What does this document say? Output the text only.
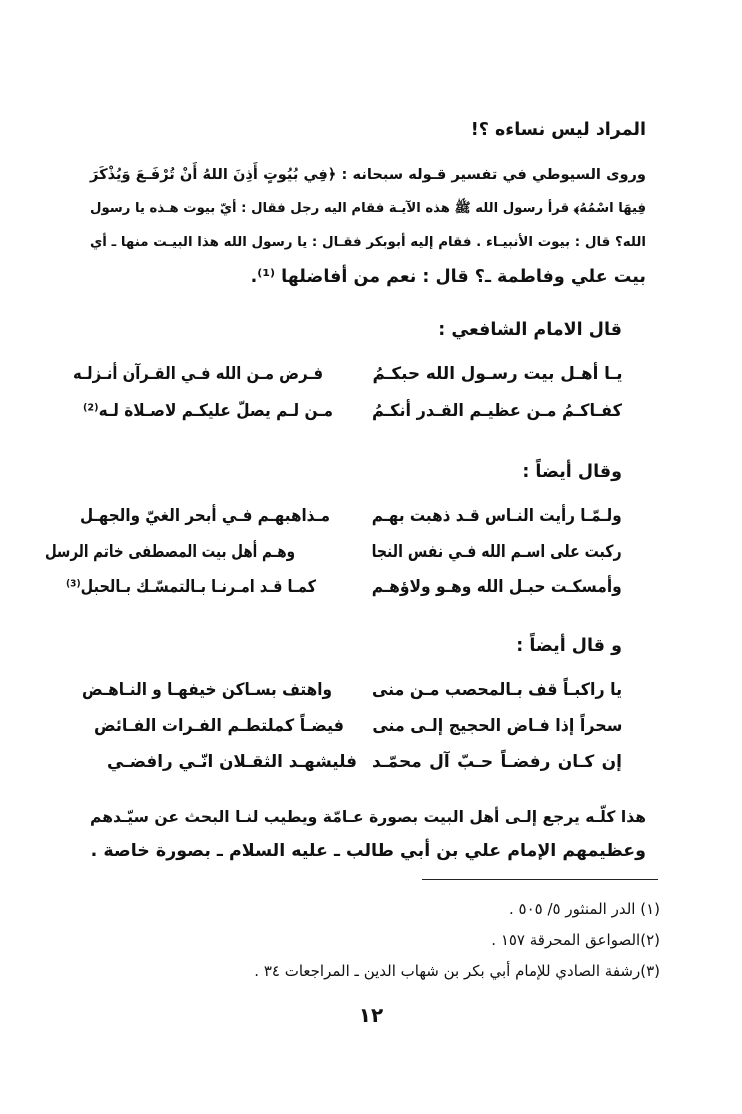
المراد ليس نساءه ؟!
وروى السيوطي في تفسير قـوله سبحانه : ﴿فِي بُيُوتٍ أَذِنَ اللهُ أَنْ تُرْفَـعَ وَيُذْكَرَ
فِيهَا اسْمُهُ﴾ قرأ رسول الله ﷺ هذه الآيـة فقام اليه رجل فقال : أيّ بيوت هـذه يا رسول
الله؟ قال : بيوت الأنبيـاء . فقام إليه أبوبكر فقـال : يا رسول الله هذا البيـت منها ـ أي
بيت علي وفاطمة ـ؟ قال : نعم من أفاضلها ⁽¹⁾.
قال الامام الشافعي :
يـا أهـل بيت رسـول الله حبكـمُ
فـرض مـن الله فـي القـرآن أنـزلـه
كفـاكـمُ مـن عظيـم القـدر أنكـمُ
مـن لـم يصلّ عليكـم لاصـلاة لـه⁽²⁾
وقال أيضاً :
ولـمّـا رأيت النـاس قـد ذهبت بهـم
مـذاهبهـم فـي أبحر الغيّ والجهـل
ركبت على اسـم الله فـي نفس النجا
وهـم أهل بيت المصطفى خاتم الرسل
وأمسكـت حبـل الله وهـو ولاؤهـم
كمـا قـد امـرنـا بـالتمسّـك بـالحبل⁽³⁾
و قال أيضاً :
يا راكبـاً قف بـالمحصب مـن منى
واهتف بسـاكن خيفهـا و النـاهـض
سحراً إذا فـاض الحجيج إلـى منى
فيضـاً كملتطـم الفـرات الفـائض
إن كـان رفضـاً حـبّ آل محمّـد
فليشهـد الثقـلان انّـي رافضـي
هذا كلّـه يرجع إلـى أهل البيت بصورة عـامّة ويطيب لنـا البحث عن سيّـدهم
وعظيمهم الإمام علي بن أبي طالب ـ عليه السلام ـ بصورة خاصة .
(١) الدر المنثور ٥/ ٥٠٥ .
(٢)الصواعق المحرقة ١٥٧ .
(٣)رشفة الصادي للإمام أبي بكر بن شهاب الدين ـ المراجعات ٣٤ .
١٢
